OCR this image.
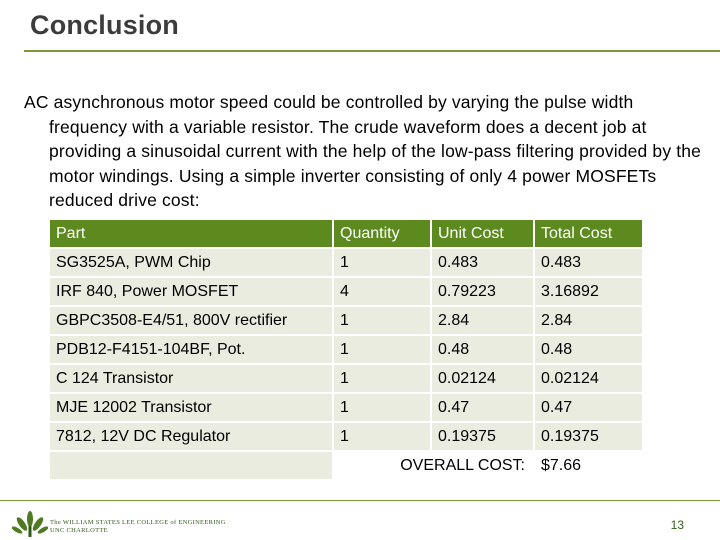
Conclusion
AC asynchronous motor speed could be controlled by varying the pulse width frequency with a variable resistor. The crude waveform does a decent job at providing a sinusoidal current with the help of the low-pass filtering provided by the motor windings. Using a simple inverter consisting of only 4 power MOSFETs reduced drive cost:
Part	Quantity	Unit Cost	Total Cost
SG3525A, PWM Chip	1	0.483	0.483
IRF 840, Power MOSFET	4	0.79223	3.16892
GBPC3508-E4/51, 800V rectifier	1	2.84	2.84
PDB12-F4151-104BF, Pot.	1	0.48	0.48
C 124 Transistor	1	0.02124	0.02124
MJE 12002 Transistor	1	0.47	0.47
7812, 12V DC Regulator	1	0.19375	0.19375
	OVERALL COST:		$7.66
The WILLIAM STATES LEE COLLEGE of ENGINEERING
UNC CHARLOTTE	13
